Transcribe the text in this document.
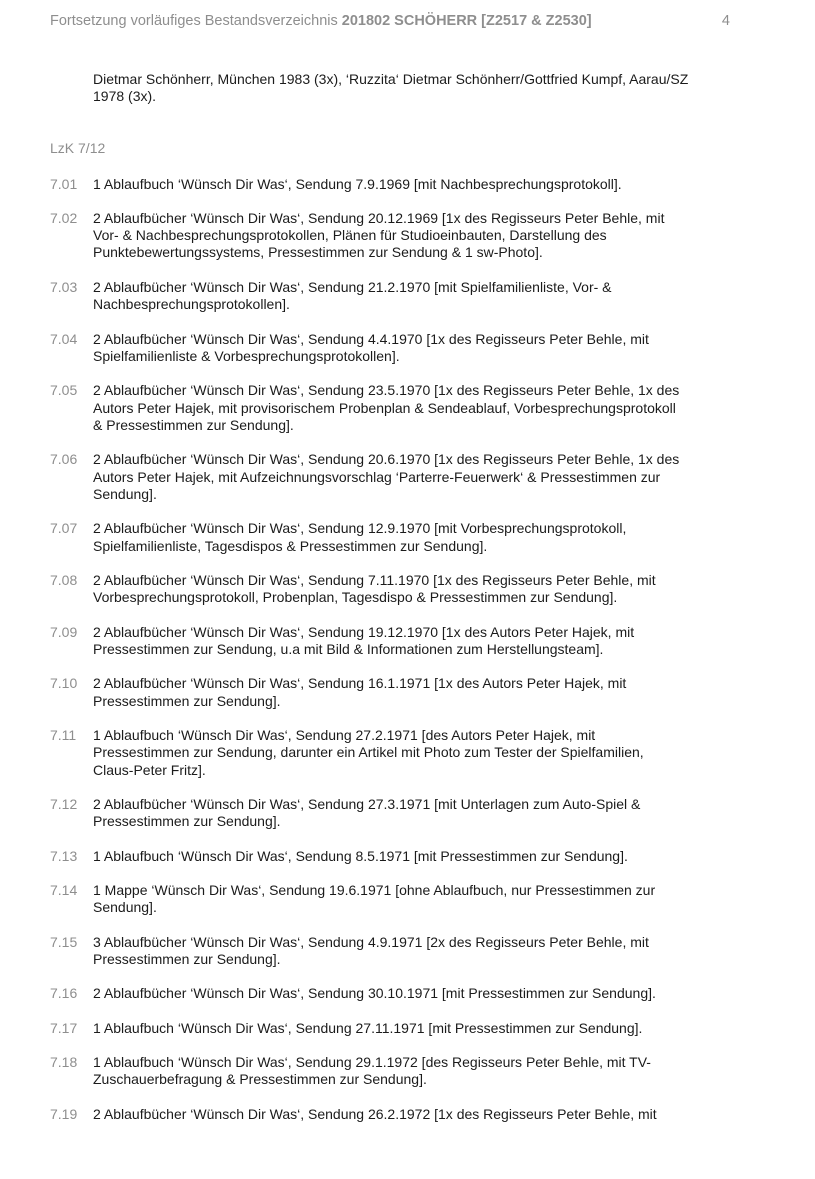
Fortsetzung vorläufiges Bestandsverzeichnis 201802 SCHÖHERR [Z2517 & Z2530]	4
Dietmar Schönherr, München 1983 (3x), ‘Ruzzita‘ Dietmar Schönherr/Gottfried Kumpf, Aarau/SZ
1978 (3x).
LzK 7/12
7.01 1 Ablaufbuch ‘Wünsch Dir Was‘, Sendung 7.9.1969 [mit Nachbesprechungsprotokoll].
7.02 2 Ablaufbücher ‘Wünsch Dir Was‘, Sendung 20.12.1969 [1x des Regisseurs Peter Behle, mit
Vor- & Nachbesprechungsprotokollen, Plänen für Studioeinbauten, Darstellung des
Punktebewertungssystems, Pressestimmen zur Sendung & 1 sw-Photo].
7.03 2 Ablaufbücher ‘Wünsch Dir Was‘, Sendung 21.2.1970 [mit Spielfamilienliste, Vor- &
Nachbesprechungsprotokollen].
7.04 2 Ablaufbücher ‘Wünsch Dir Was‘, Sendung 4.4.1970 [1x des Regisseurs Peter Behle, mit
Spielfamilienliste & Vorbesprechungsprotokollen].
7.05 2 Ablaufbücher ‘Wünsch Dir Was‘, Sendung 23.5.1970 [1x des Regisseurs Peter Behle, 1x des
Autors Peter Hajek, mit provisorischem Probenplan & Sendeablauf, Vorbesprechungsprotokoll
& Pressestimmen zur Sendung].
7.06 2 Ablaufbücher ‘Wünsch Dir Was‘, Sendung 20.6.1970 [1x des Regisseurs Peter Behle, 1x des
Autors Peter Hajek, mit Aufzeichnungsvorschlag ‘Parterre-Feuerwerk‘ & Pressestimmen zur
Sendung].
7.07 2 Ablaufbücher ‘Wünsch Dir Was‘, Sendung 12.9.1970 [mit Vorbesprechungsprotokoll,
Spielfamilienliste, Tagesdispos & Pressestimmen zur Sendung].
7.08 2 Ablaufbücher ‘Wünsch Dir Was‘, Sendung 7.11.1970 [1x des Regisseurs Peter Behle, mit
Vorbesprechungsprotokoll, Probenplan, Tagesdispo & Pressestimmen zur Sendung].
7.09 2 Ablaufbücher ‘Wünsch Dir Was‘, Sendung 19.12.1970 [1x des Autors Peter Hajek, mit
Pressestimmen zur Sendung, u.a mit Bild & Informationen zum Herstellungsteam].
7.10 2 Ablaufbücher ‘Wünsch Dir Was‘, Sendung 16.1.1971 [1x des Autors Peter Hajek, mit
Pressestimmen zur Sendung].
7.11 1 Ablaufbuch ‘Wünsch Dir Was‘, Sendung 27.2.1971 [des Autors Peter Hajek, mit
Pressestimmen zur Sendung, darunter ein Artikel mit Photo zum Tester der Spielfamilien,
Claus-Peter Fritz].
7.12 2 Ablaufbücher ‘Wünsch Dir Was‘, Sendung 27.3.1971 [mit Unterlagen zum Auto-Spiel &
Pressestimmen zur Sendung].
7.13 1 Ablaufbuch ‘Wünsch Dir Was‘, Sendung 8.5.1971 [mit Pressestimmen zur Sendung].
7.14 1 Mappe ‘Wünsch Dir Was‘, Sendung 19.6.1971 [ohne Ablaufbuch, nur Pressestimmen zur
Sendung].
7.15 3 Ablaufbücher ‘Wünsch Dir Was‘, Sendung 4.9.1971 [2x des Regisseurs Peter Behle, mit
Pressestimmen zur Sendung].
7.16 2 Ablaufbücher ‘Wünsch Dir Was‘, Sendung 30.10.1971 [mit Pressestimmen zur Sendung].
7.17 1 Ablaufbuch ‘Wünsch Dir Was‘, Sendung 27.11.1971 [mit Pressestimmen zur Sendung].
7.18 1 Ablaufbuch ‘Wünsch Dir Was‘, Sendung 29.1.1972 [des Regisseurs Peter Behle, mit TV-
Zuschauerbefragung & Pressestimmen zur Sendung].
7.19 2 Ablaufbücher ‘Wünsch Dir Was‘, Sendung 26.2.1972 [1x des Regisseurs Peter Behle, mit
